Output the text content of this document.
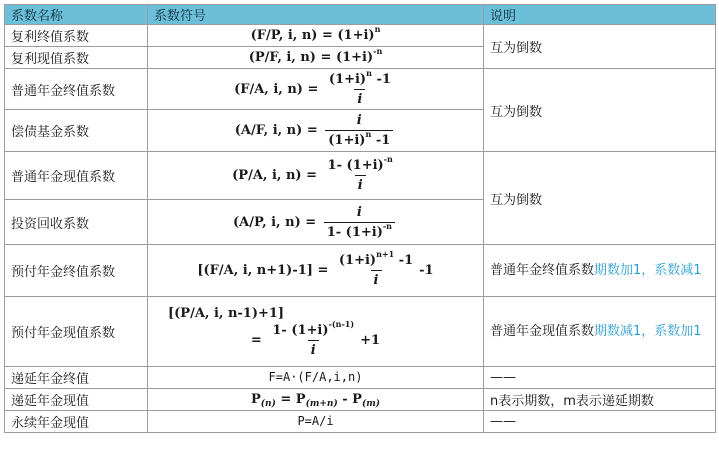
系数名称	系数符号	说明
复利终值系数	(F/P, i, $n) = (1+i)^n$	互为倒数
复利现值系数	(P/F, i, $n) = (1+i)^{-n}$
普通年金终值系数	(F/A, i, $n) = \frac{(1+i)^n -1}{i}$	互为倒数
偿债基金系数	(A/F, i, $n) = \frac{i}{(1+i)^n -1}$

普通年金现值系数	(P/A, i, $n) = \frac{1- (1+i)^{-n}}{i}$	互为倒数
投资回收系数	(A/P, i, $n) = \frac{i}{1- (1+i)^{-n}}$

预付年金终值系数	[(F/A, i, $n+1)-1] = \frac{(1+i)^{n+1} -1}{i} -1$	普通年金终值系数期数加1，系数减1
预付年金现值系数	[(P/A, i, n-1)+1]
= $\frac{1- (1+i)^{-(n-1)}}{i} +1$	普通年金现值系数期数减1，系数加1
递延年金终值	F=A·(F/A,i,n)	——
递延年金现值	$P_{(n)} = P_{(m+n)} - P_{(m)}$	n表示期数，m表示递延期数
永续年金现值	P=A/i	——
